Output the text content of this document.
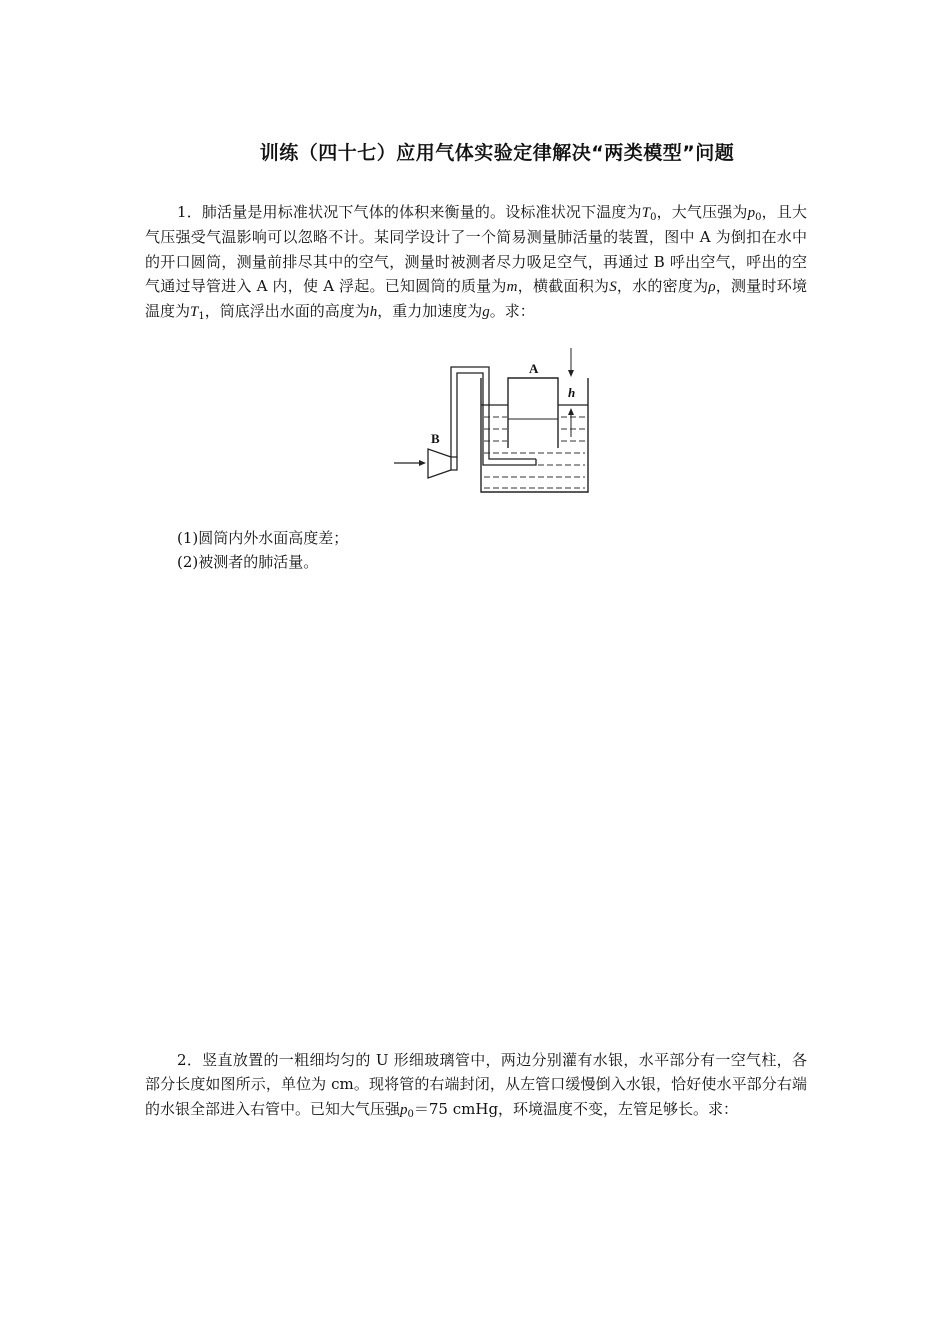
训练（四十七）应用气体实验定律解决“两类模型”问题

1．肺活量是用标准状况下气体的体积来衡量的。设标准状况下温度为$T_0$，大气压强为$p_0$，且大气压强受气温影响可以忽略不计。某同学设计了一个简易测量肺活量的装置，图中 A 为倒扣在水中的开口圆筒，测量前排尽其中的空气，测量时被测者尽力吸足空气，再通过 B 呼出空气，呼出的空气通过导管进入 A 内，使 A 浮起。已知圆筒的质量为m，横截面积为S，水的密度为ρ，测量时环境温度为$T_1$，筒底浮出水面的高度为h，重力加速度为g。求：

A
B
h

(1)圆筒内外水面高度差；

(2)被测者的肺活量。

2．竖直放置的一粗细均匀的 U 形细玻璃管中，两边分别灌有水银，水平部分有一空气柱，各部分长度如图所示，单位为 cm。现将管的右端封闭，从左管口缓慢倒入水银，恰好使水平部分右端的水银全部进入右管中。已知大气压强$p_0=75$ cmHg，环境温度不变，左管足够长。求：
